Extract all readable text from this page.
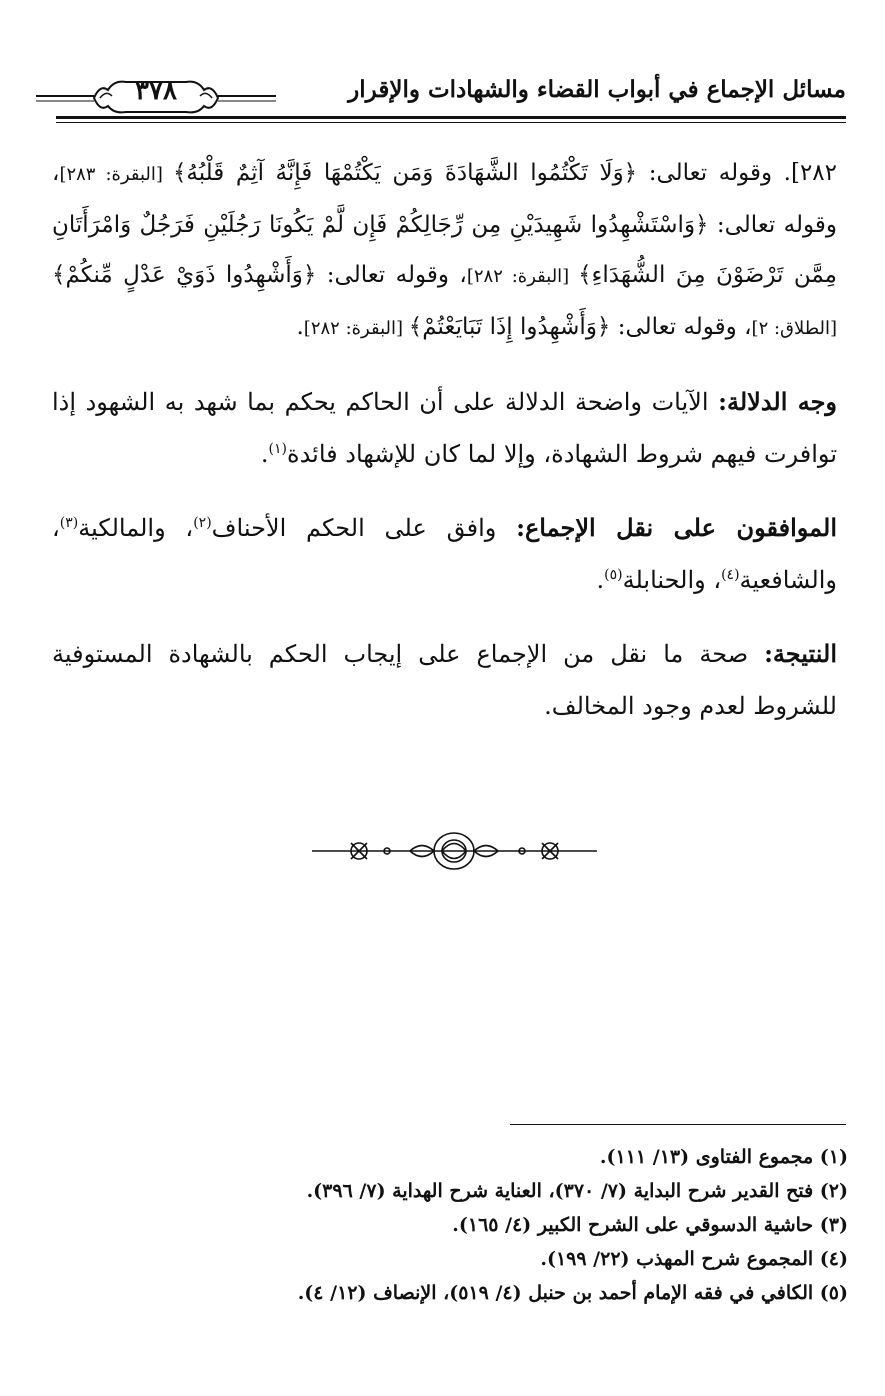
مسائل الإجماع في أبواب القضاء والشهادات والإقرار
٣٧٨

٢٨٢]. وقوله تعالى: ﴿وَلَا تَكْتُمُوا الشَّهَادَةَ وَمَن يَكْتُمْهَا فَإِنَّهُ آثِمٌ قَلْبُهُ﴾ [البقرة: ٢٨٣]، وقوله تعالى: ﴿وَاسْتَشْهِدُوا شَهِيدَيْنِ مِن رِّجَالِكُمْ فَإِن لَّمْ يَكُونَا رَجُلَيْنِ فَرَجُلٌ وَامْرَأَتَانِ مِمَّن تَرْضَوْنَ مِنَ الشُّهَدَاءِ﴾ [البقرة: ٢٨٢]، وقوله تعالى: ﴿وَأَشْهِدُوا ذَوَيْ عَدْلٍ مِّنكُمْ﴾ [الطلاق: ٢]، وقوله تعالى: ﴿وَأَشْهِدُوا إِذَا تَبَايَعْتُمْ﴾ [البقرة: ٢٨٢].

وجه الدلالة: الآيات واضحة الدلالة على أن الحاكم يحكم بما شهد به الشهود إذا توافرت فيهم شروط الشهادة، وإلا لما كان للإشهاد فائدة$^{(١)}$.

الموافقون على نقل الإجماع: وافق على الحكم الأحناف$^{(٢)}$، والمالكية$^{(٣)}$، والشافعية$^{(٤)}$، والحنابلة$^{(٥)}$.

النتيجة: صحة ما نقل من الإجماع على إيجاب الحكم بالشهادة المستوفية للشروط لعدم وجود المخالف.

(١) مجموع الفتاوى (١٣/ ١١١).
(٢) فتح القدير شرح البداية (٧/ ٣٧٠)، العناية شرح الهداية (٧/ ٣٩٦).
(٣) حاشية الدسوقي على الشرح الكبير (٤/ ١٦٥).
(٤) المجموع شرح المهذب (٢٢/ ١٩٩).
(٥) الكافي في فقه الإمام أحمد بن حنبل (٤/ ٥١٩)، الإنصاف (١٢/ ٤).
